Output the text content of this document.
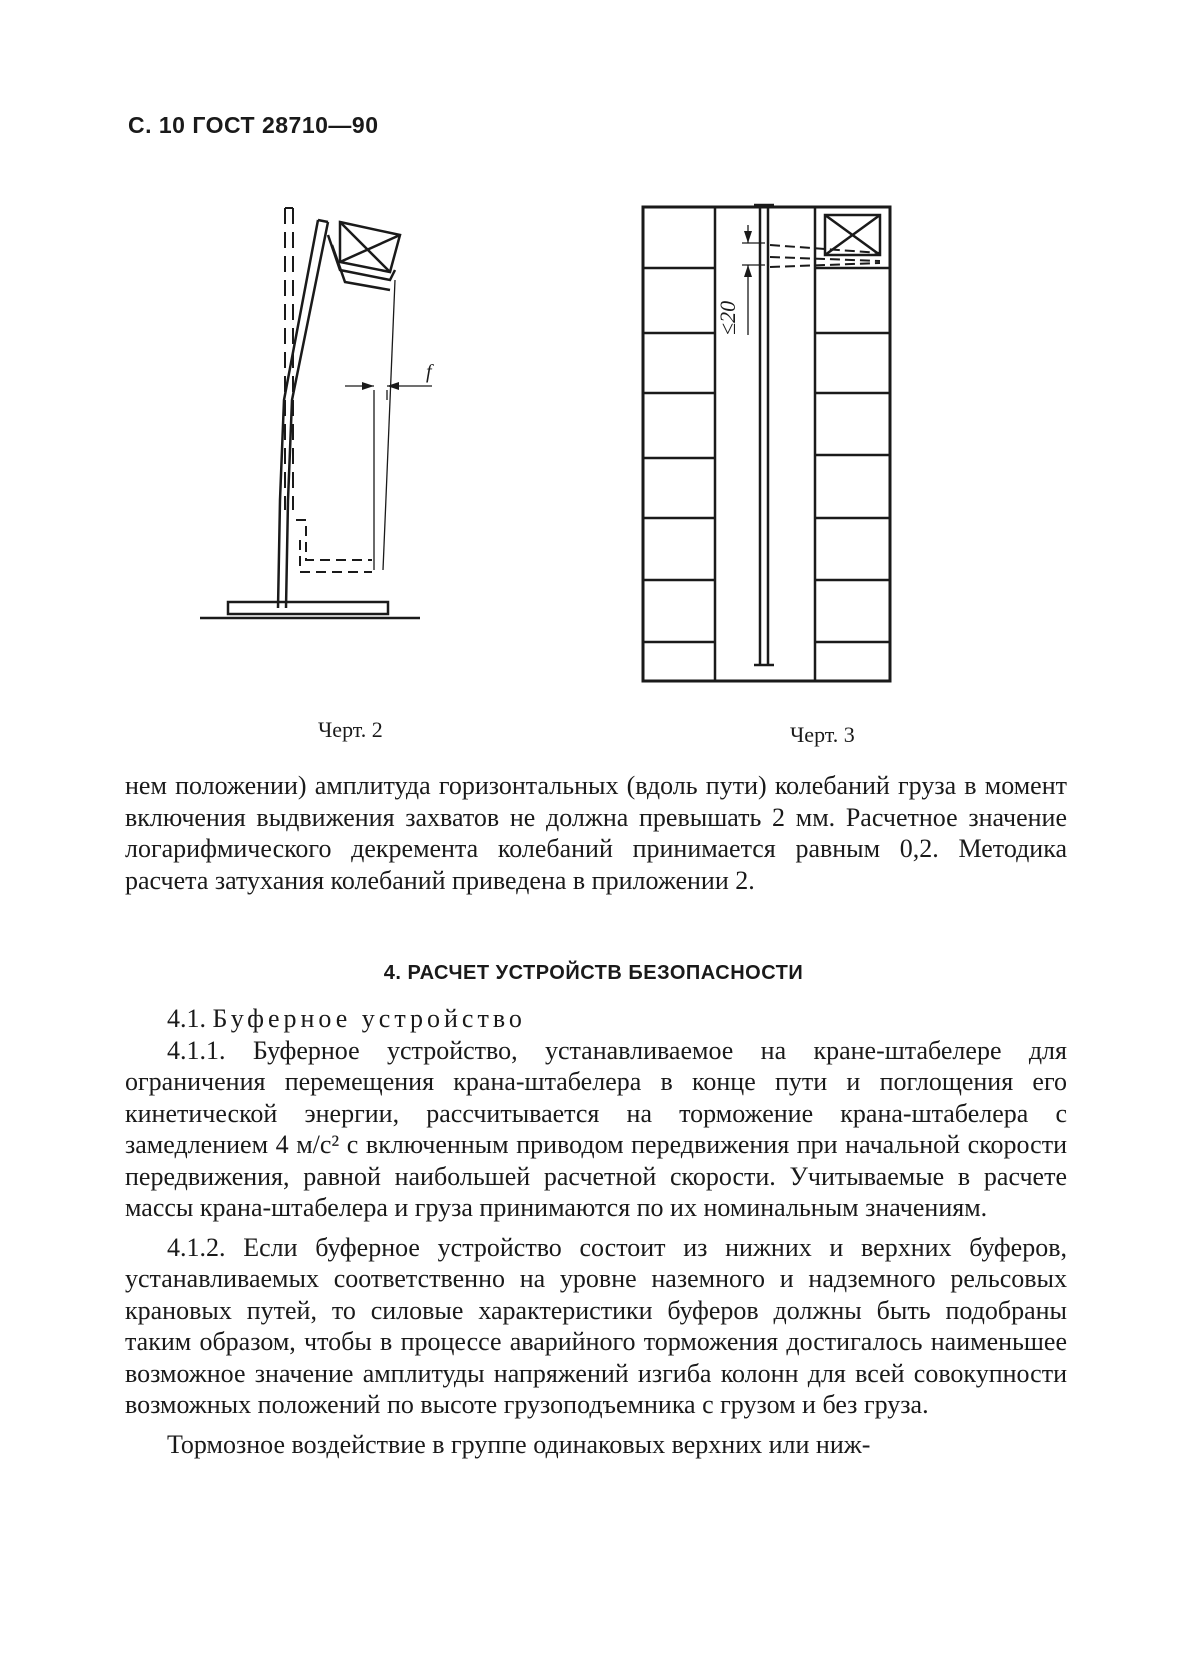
С. 10 ГОСТ 28710—90
f
Черт. 2
≤20
Черт. 3

нем положении) амплитуда горизонтальных (вдоль пути) колебаний груза в момент включения выдвижения захватов не должна превышать 2 мм. Расчетное значение логарифмического декремента колебаний принимается равным 0,2. Методика расчета затухания колебаний приведена в приложении 2.

4. РАСЧЕТ УСТРОЙСТВ БЕЗОПАСНОСТИ

4.1. Буферное устройство

4.1.1. Буферное устройство, устанавливаемое на кране-штабелере для ограничения перемещения крана-штабелера в конце пути и поглощения его кинетической энергии, рассчитывается на торможение крана-штабелера с замедлением 4 м/с² с включенным приводом передвижения при начальной скорости передвижения, равной наибольшей расчетной скорости. Учитываемые в расчете массы крана-штабелера и груза принимаются по их номинальным значениям.

4.1.2. Если буферное устройство состоит из нижних и верхних буферов, устанавливаемых соответственно на уровне наземного и надземного рельсовых крановых путей, то силовые характеристики буферов должны быть подобраны таким образом, чтобы в процессе аварийного торможения достигалось наименьшее возможное значение амплитуды напряжений изгиба колонн для всей совокупности возможных положений по высоте грузоподъемника с грузом и без груза.

Тормозное воздействие в группе одинаковых верхних или ниж-
